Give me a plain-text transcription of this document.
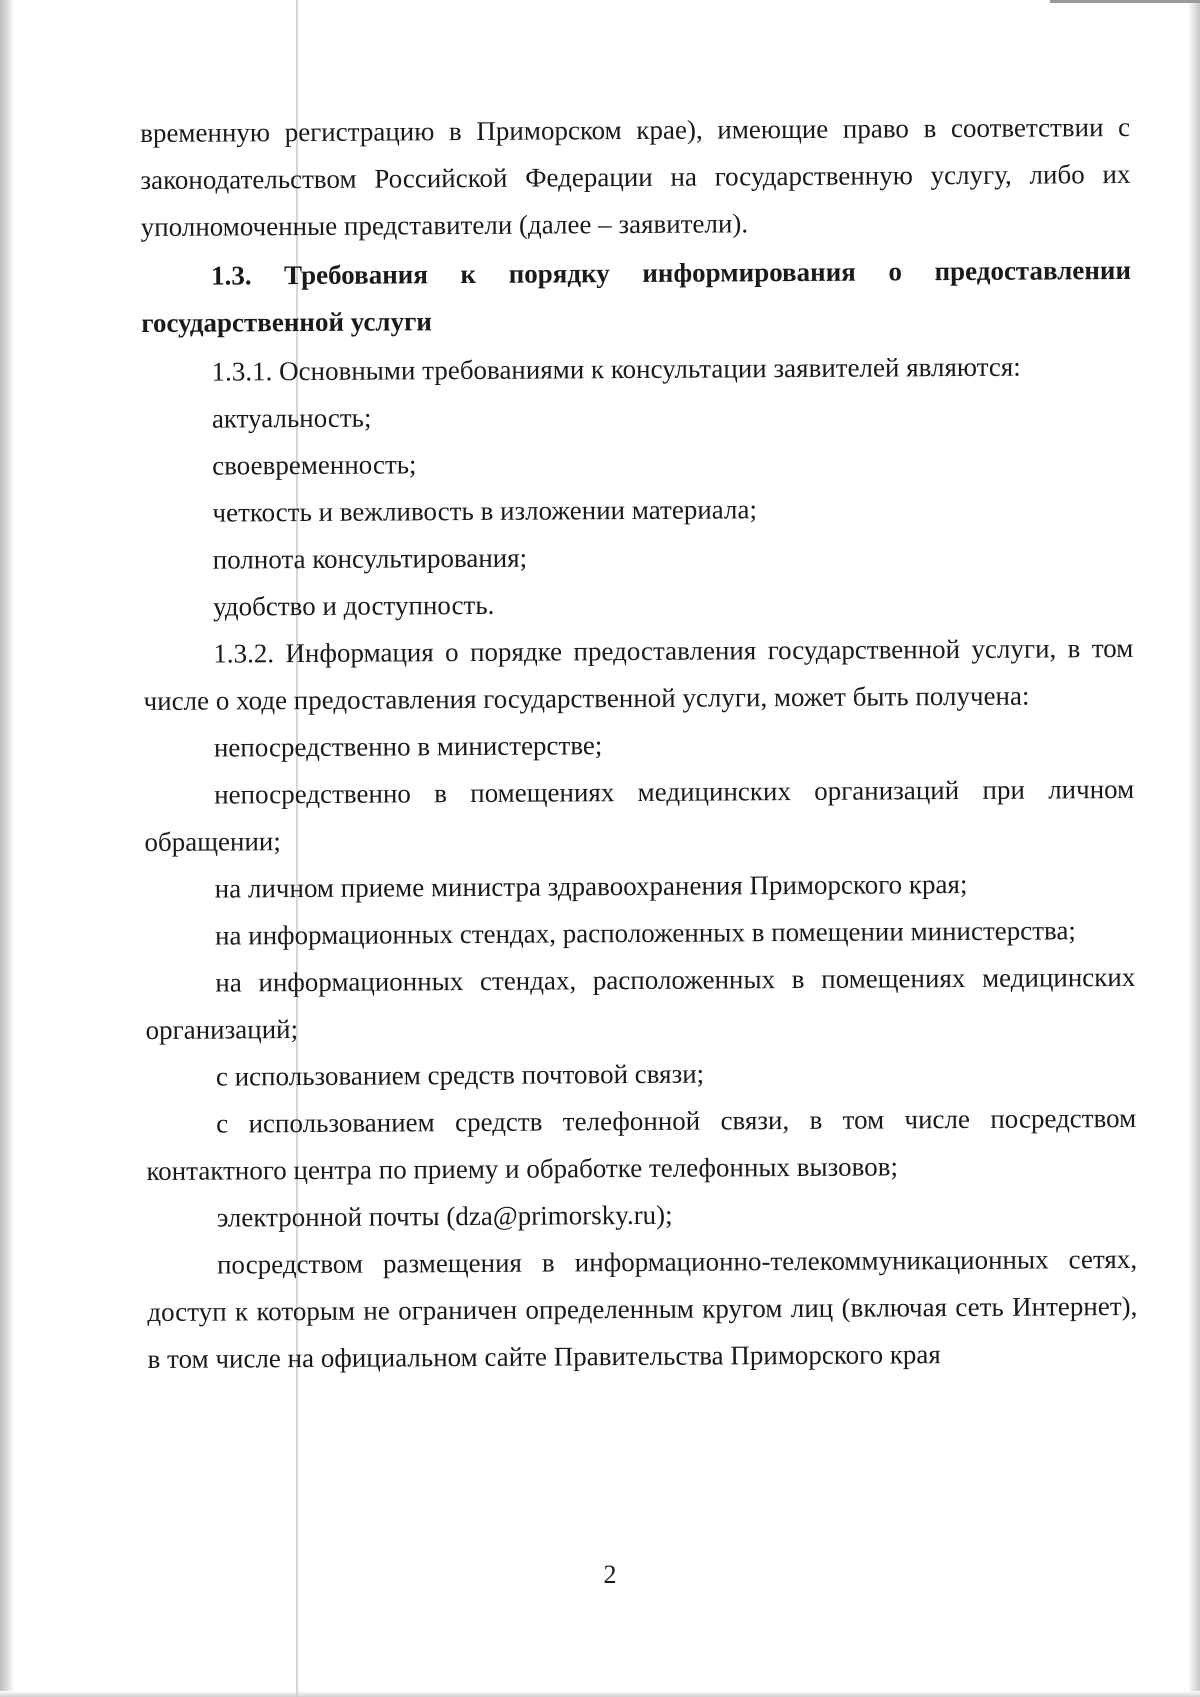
временную регистрацию в Приморском крае), имеющие право в соответствии с законодательством Российской Федерации на государственную услугу, либо их уполномоченные представители (далее – заявители).

1.3. Требования к порядку информирования о предоставлении государственной услуги

1.3.1. Основными требованиями к консультации заявителей являются:

актуальность;

своевременность;

четкость и вежливость в изложении материала;

полнота консультирования;

удобство и доступность.

1.3.2. Информация о порядке предоставления государственной услуги, в том числе о ходе предоставления государственной услуги, может быть получена:

непосредственно в министерстве;

непосредственно в помещениях медицинских организаций при личном обращении;

на личном приеме министра здравоохранения Приморского края;

на информационных стендах, расположенных в помещении министерства;

на информационных стендах, расположенных в помещениях медицинских организаций;

с использованием средств почтовой связи;

с использованием средств телефонной связи, в том числе посредством контактного центра по приему и обработке телефонных вызовов;

электронной почты (dza@primorsky.ru);

посредством размещения в информационно-телекоммуникационных сетях, доступ к которым не ограничен определенным кругом лиц (включая сеть Интернет), в том числе на официальном сайте Правительства Приморского края

2
